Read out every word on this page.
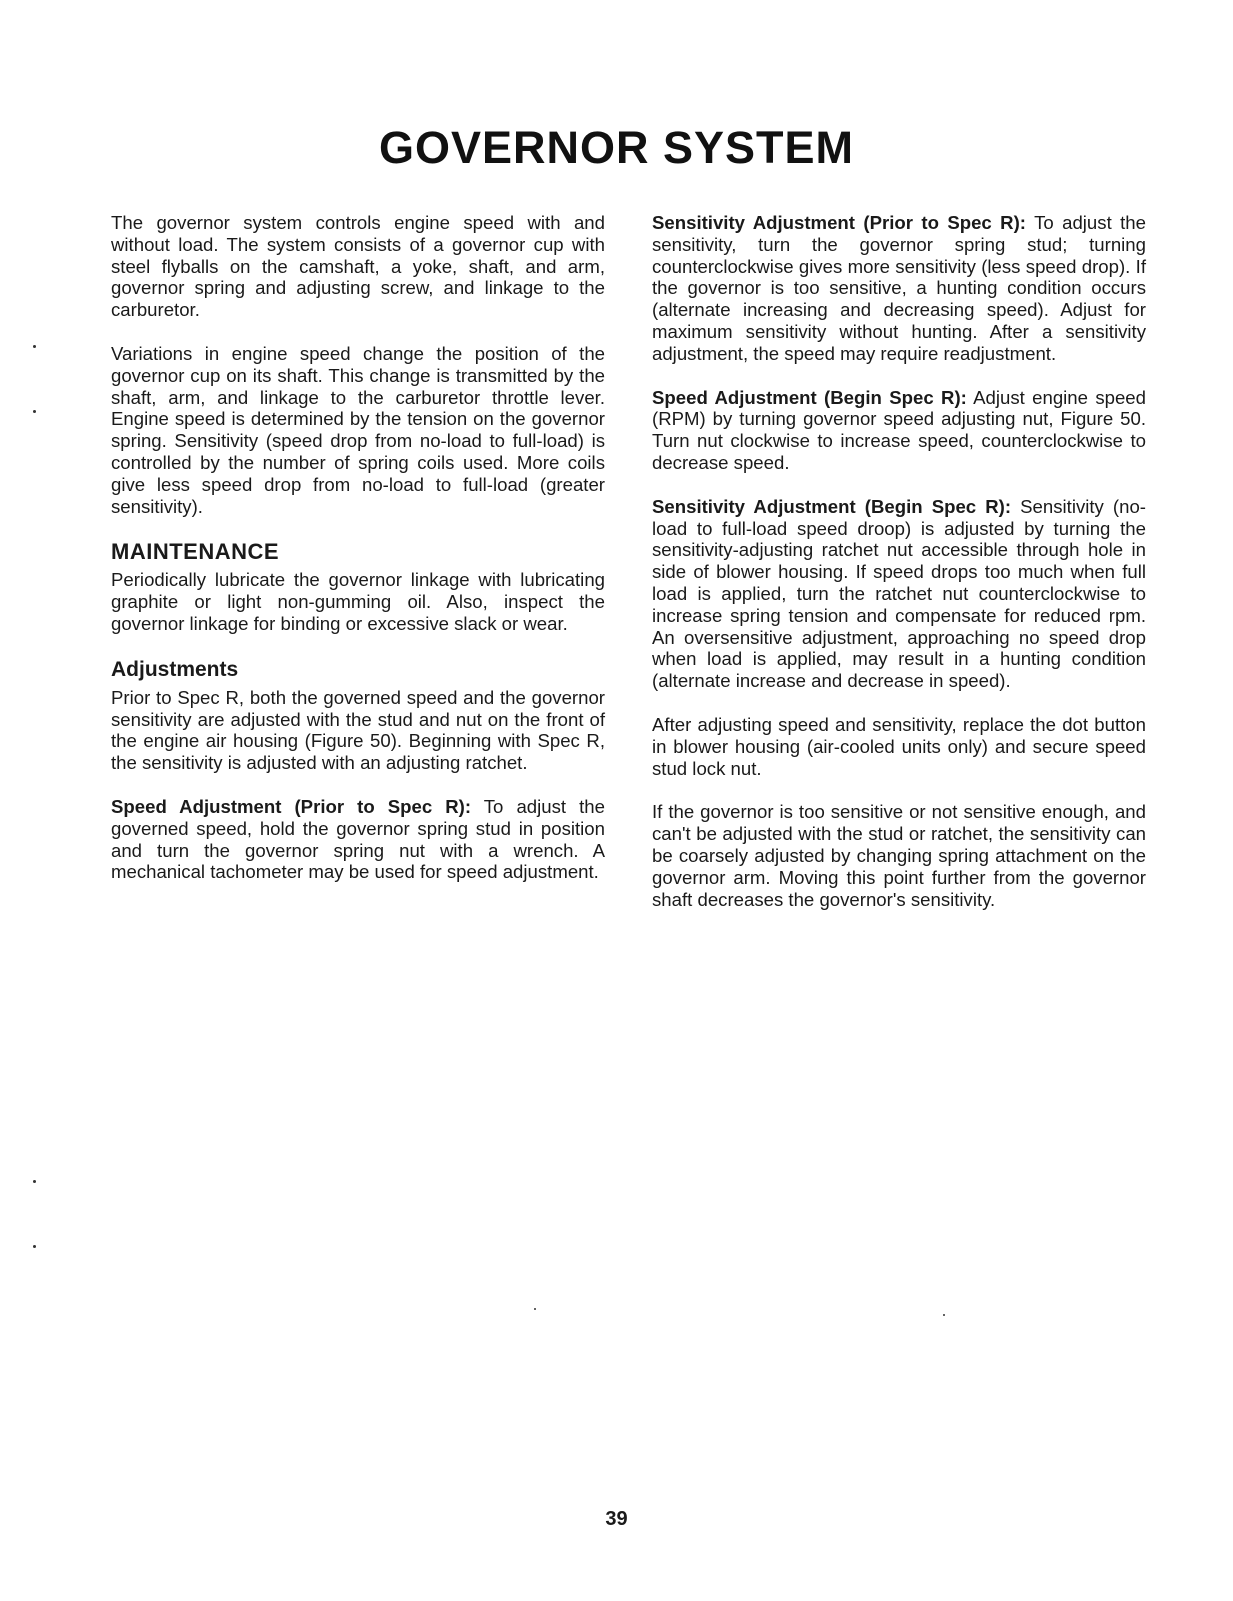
GOVERNOR SYSTEM

The governor system controls engine speed with and without load. The system consists of a governor cup with steel flyballs on the camshaft, a yoke, shaft, and arm, governor spring and adjusting screw, and linkage to the carburetor.

Variations in engine speed change the position of the governor cup on its shaft. This change is transmitted by the shaft, arm, and linkage to the carburetor throttle lever. Engine speed is determined by the tension on the governor spring. Sensitivity (speed drop from no-load to full-load) is controlled by the number of spring coils used. More coils give less speed drop from no-load to full-load (greater sensitivity).

MAINTENANCE

Periodically lubricate the governor linkage with lubricating graphite or light non-gumming oil. Also, inspect the governor linkage for binding or excessive slack or wear.

Adjustments

Prior to Spec R, both the governed speed and the governor sensitivity are adjusted with the stud and nut on the front of the engine air housing (Figure 50). Beginning with Spec R, the sensitivity is adjusted with an adjusting ratchet.

Speed Adjustment (Prior to Spec R): To adjust the governed speed, hold the governor spring stud in position and turn the governor spring nut with a wrench. A mechanical tachometer may be used for speed adjustment.

Sensitivity Adjustment (Prior to Spec R): To adjust the sensitivity, turn the governor spring stud; turning counterclockwise gives more sensitivity (less speed drop). If the governor is too sensitive, a hunting condition occurs (alternate increasing and decreasing speed). Adjust for maximum sensitivity without hunting. After a sensitivity adjustment, the speed may require readjustment.

Speed Adjustment (Begin Spec R): Adjust engine speed (RPM) by turning governor speed adjusting nut, Figure 50. Turn nut clockwise to increase speed, counterclockwise to decrease speed.

Sensitivity Adjustment (Begin Spec R): Sensitivity (no-load to full-load speed droop) is adjusted by turning the sensitivity-adjusting ratchet nut accessible through hole in side of blower housing. If speed drops too much when full load is applied, turn the ratchet nut counterclockwise to increase spring tension and compensate for reduced rpm. An oversensitive adjustment, approaching no speed drop when load is applied, may result in a hunting condition (alternate increase and decrease in speed).

After adjusting speed and sensitivity, replace the dot button in blower housing (air-cooled units only) and secure speed stud lock nut.

If the governor is too sensitive or not sensitive enough, and can't be adjusted with the stud or ratchet, the sensitivity can be coarsely adjusted by changing spring attachment on the governor arm. Moving this point further from the governor shaft decreases the governor's sensitivity.

39
